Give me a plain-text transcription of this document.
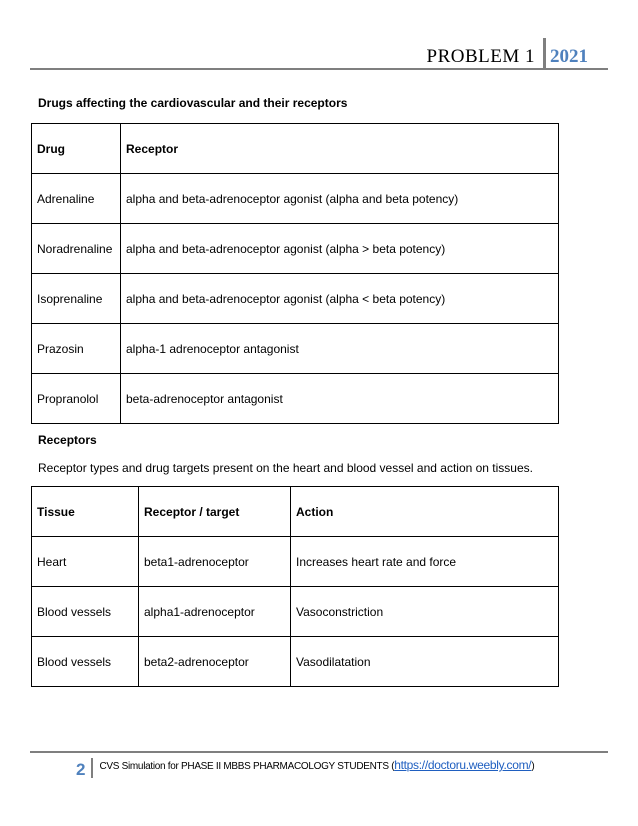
PROBLEM 1 2021
Drugs affecting the cardiovascular and their receptors
Drug	Receptor
Adrenaline	alpha and beta-adrenoceptor agonist (alpha and beta potency)
Noradrenaline	alpha and beta-adrenoceptor agonist (alpha > beta potency)
Isoprenaline	alpha and beta-adrenoceptor agonist (alpha < beta potency)
Prazosin	alpha-1 adrenoceptor antagonist
Propranolol	beta-adrenoceptor antagonist
Receptors
Receptor types and drug targets present on the heart and blood vessel and action on tissues.
Tissue	Receptor / target	Action
Heart	beta1-adrenoceptor	Increases heart rate and force
Blood vessels	alpha1-adrenoceptor	Vasoconstriction
Blood vessels	beta2-adrenoceptor	Vasodilatation
2 CVS Simulation for PHASE II MBBS PHARMACOLOGY STUDENTS (https://doctoru.weebly.com/)
